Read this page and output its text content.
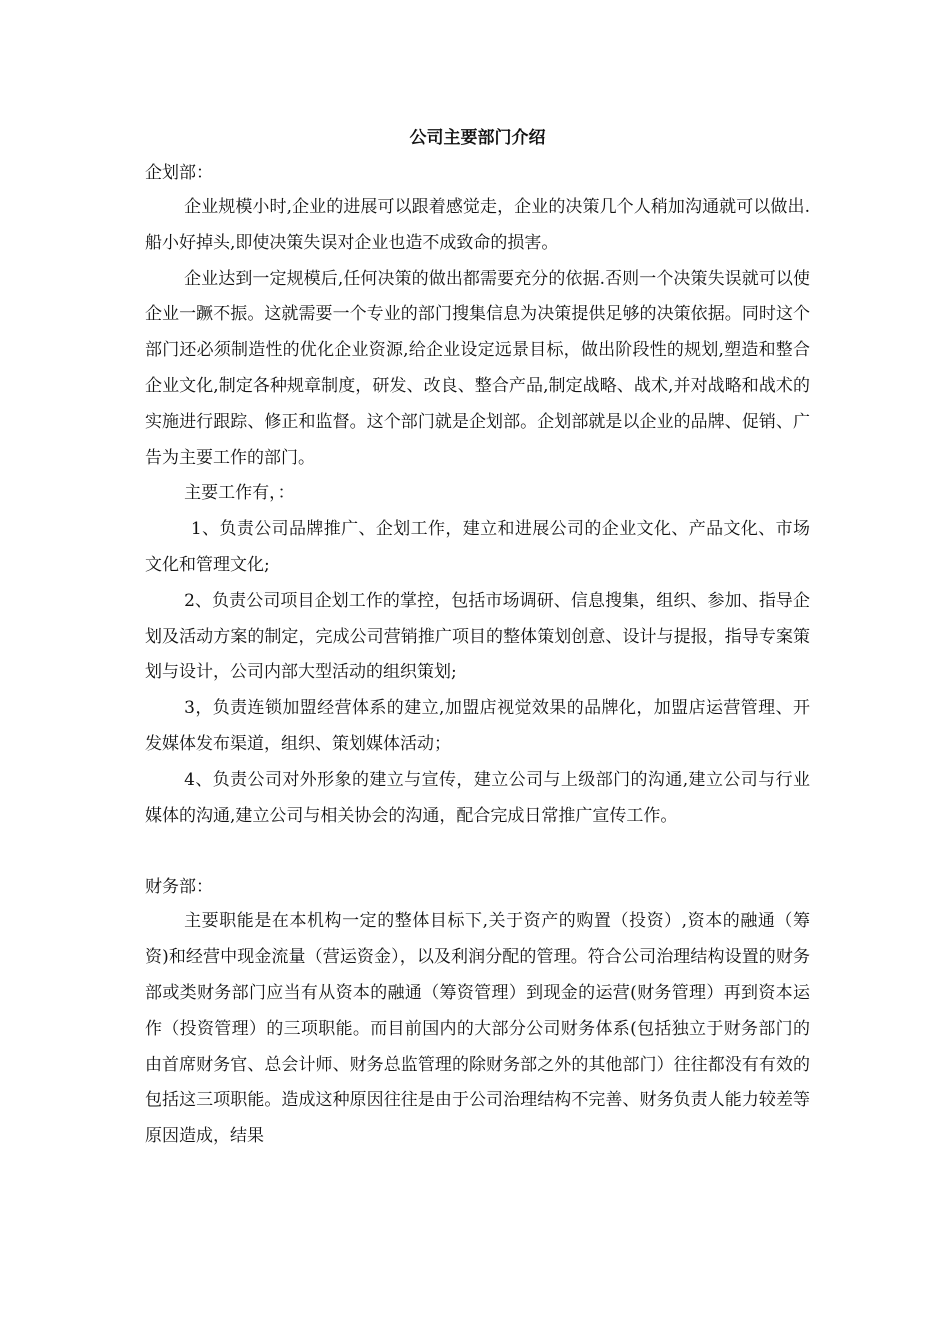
公司主要部门介绍

企划部：

企业规模小时,企业的进展可以跟着感觉走，企业的决策几个人稍加沟通就可以做出.船小好掉头,即使决策失误对企业也造不成致命的损害。

企业达到一定规模后,任何决策的做出都需要充分的依据.否则一个决策失误就可以使企业一蹶不振。这就需要一个专业的部门搜集信息为决策提供足够的决策依据。同时这个部门还必须制造性的优化企业资源,给企业设定远景目标，做出阶段性的规划,塑造和整合企业文化,制定各种规章制度，研发、改良、整合产品,制定战略、战术,并对战略和战术的实施进行跟踪、修正和监督。这个部门就是企划部。企划部就是以企业的品牌、促销、广告为主要工作的部门。

主要工作有，：

1、负责公司品牌推广、企划工作，建立和进展公司的企业文化、产品文化、市场文化和管理文化;

2、负责公司项目企划工作的掌控，包括市场调研、信息搜集，组织、参加、指导企划及活动方案的制定，完成公司营销推广项目的整体策划创意、设计与提报，指导专案策划与设计，公司内部大型活动的组织策划;

3，负责连锁加盟经营体系的建立,加盟店视觉效果的品牌化，加盟店运营管理、开发媒体发布渠道，组织、策划媒体活动；

4、负责公司对外形象的建立与宣传，建立公司与上级部门的沟通,建立公司与行业媒体的沟通,建立公司与相关协会的沟通，配合完成日常推广宣传工作。

财务部：

主要职能是在本机构一定的整体目标下,关于资产的购置（投资）,资本的融通（筹资)和经营中现金流量（营运资金），以及利润分配的管理。符合公司治理结构设置的财务部或类财务部门应当有从资本的融通（筹资管理）到现金的运营(财务管理）再到资本运作（投资管理）的三项职能。而目前国内的大部分公司财务体系(包括独立于财务部门的由首席财务官、总会计师、财务总监管理的除财务部之外的其他部门）往往都没有有效的包括这三项职能。造成这种原因往往是由于公司治理结构不完善、财务负责人能力较差等原因造成，结果
